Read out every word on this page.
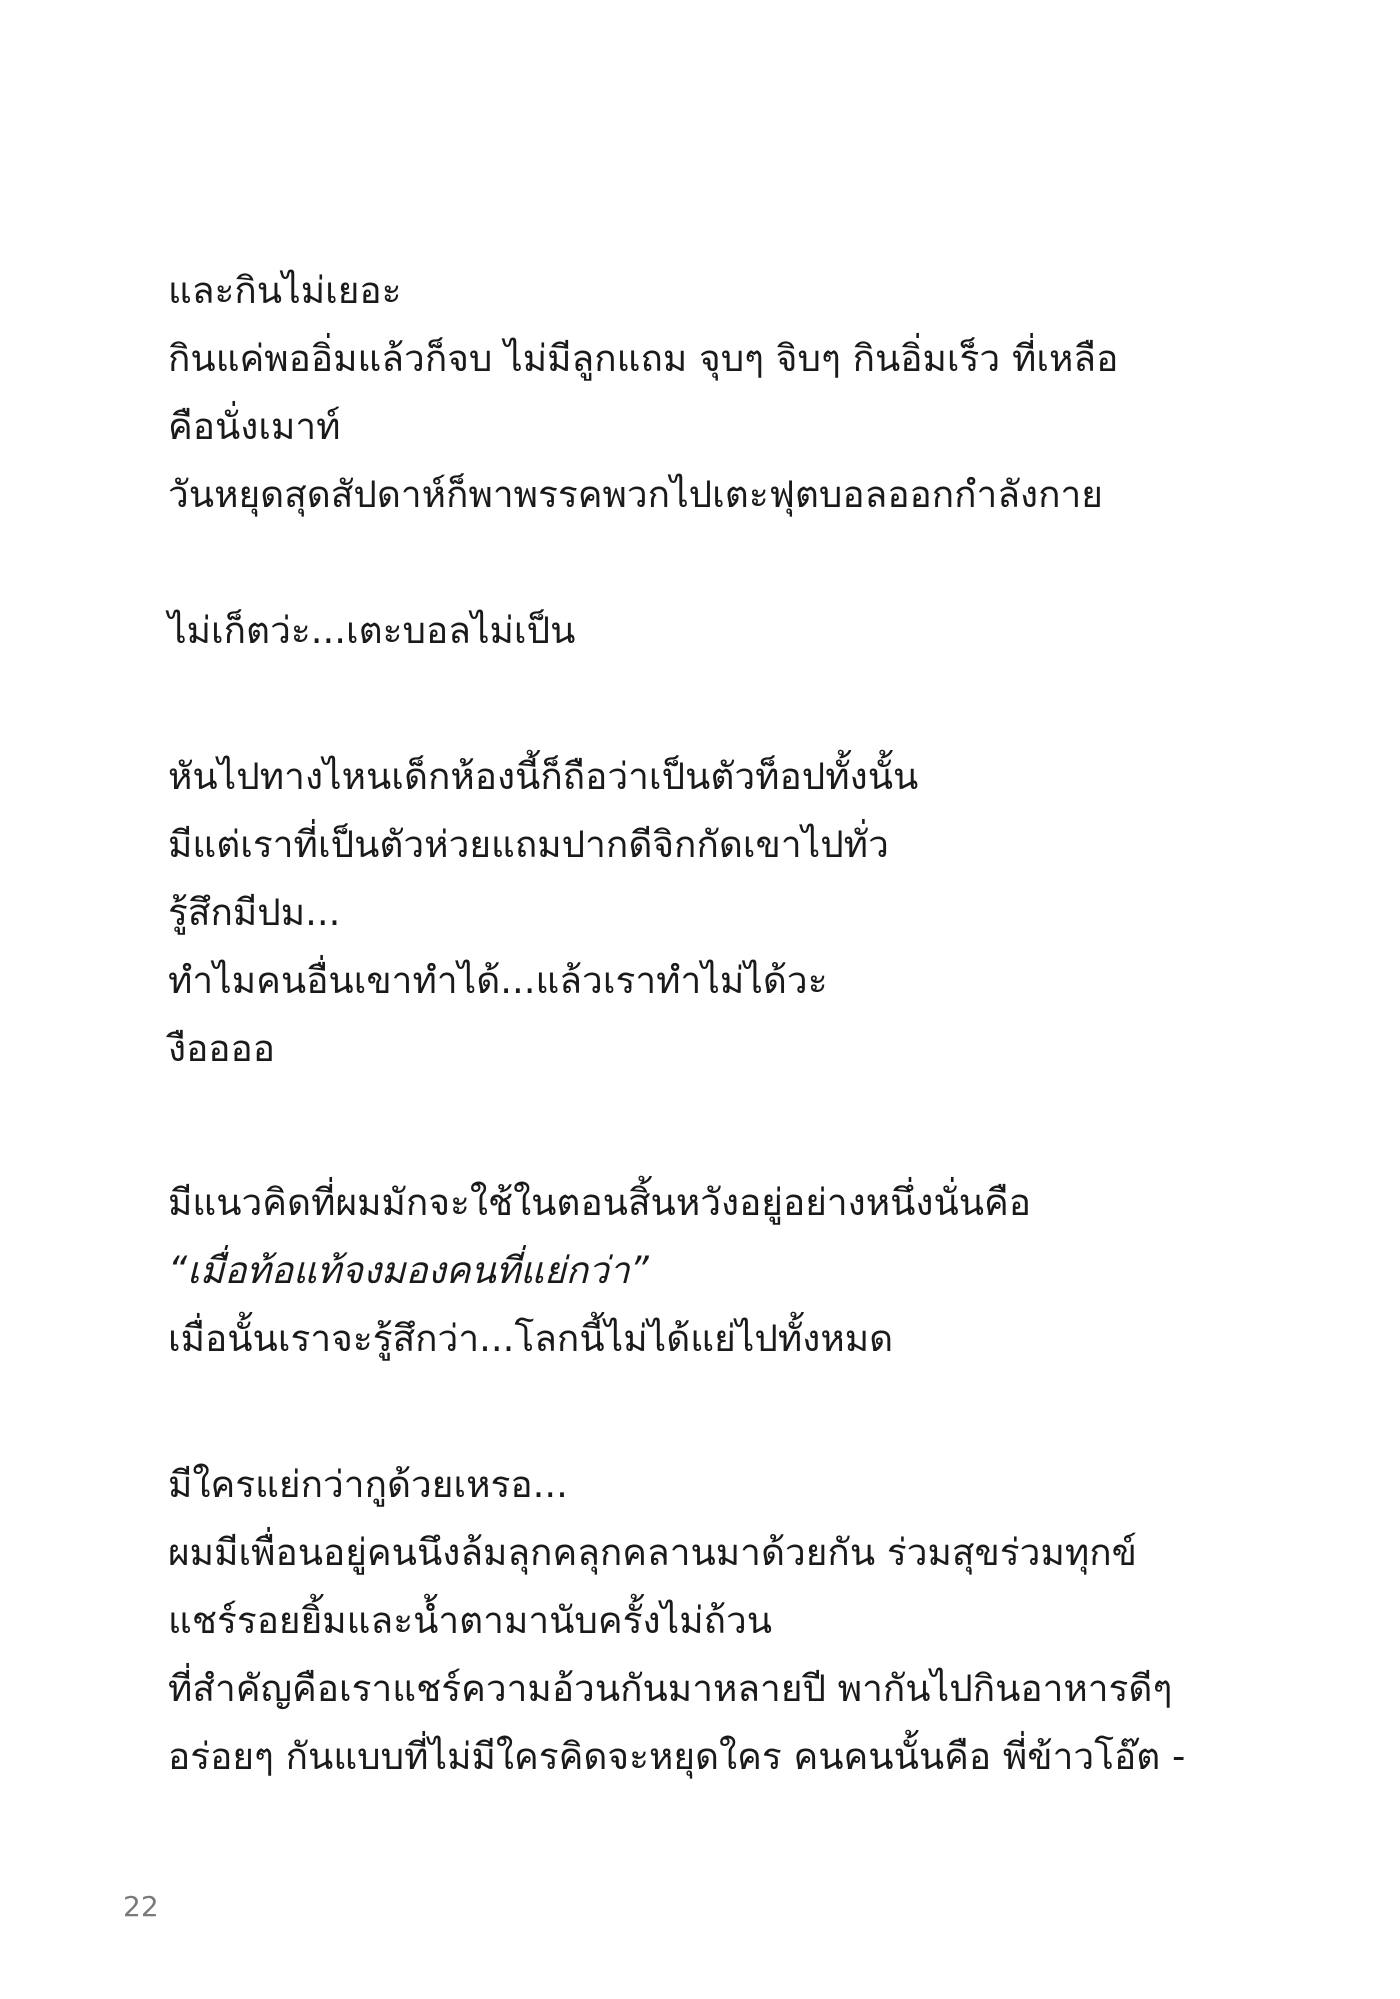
และกินไม่เยอะ
กินแค่พออิ่มแล้วก็จบ ไม่มีลูกแถม จุบๆ จิบๆ กินอิ่มเร็ว ที่เหลือ
คือนั่งเมาท์
วันหยุดสุดสัปดาห์ก็พาพรรคพวกไปเตะฟุตบอลออกกำลังกาย
ไม่เก็ตว่ะ...เตะบอลไม่เป็น
หันไปทางไหนเด็กห้องนี้ก็ถือว่าเป็นตัวท็อปทั้งนั้น
มีแต่เราที่เป็นตัวห่วยแถมปากดีจิกกัดเขาไปทั่ว
รู้สึกมีปม...
ทำไมคนอื่นเขาทำได้...แล้วเราทำไม่ได้วะ
งืออออ
มีแนวคิดที่ผมมักจะใช้ในตอนสิ้นหวังอยู่อย่างหนึ่งนั่นคือ
“เมื่อท้อแท้จงมองคนที่แย่กว่า”
เมื่อนั้นเราจะรู้สึกว่า...โลกนี้ไม่ได้แย่ไปทั้งหมด
มีใครแย่กว่ากูด้วยเหรอ...
ผมมีเพื่อนอยู่คนนึงล้มลุกคลุกคลานมาด้วยกัน ร่วมสุขร่วมทุกข์
แชร์รอยยิ้มและน้ำตามานับครั้งไม่ถ้วน
ที่สำคัญคือเราแชร์ความอ้วนกันมาหลายปี พากันไปกินอาหารดีๆ
อร่อยๆ กันแบบที่ไม่มีใครคิดจะหยุดใคร คนคนนั้นคือ พี่ข้าวโอ๊ต -
22
